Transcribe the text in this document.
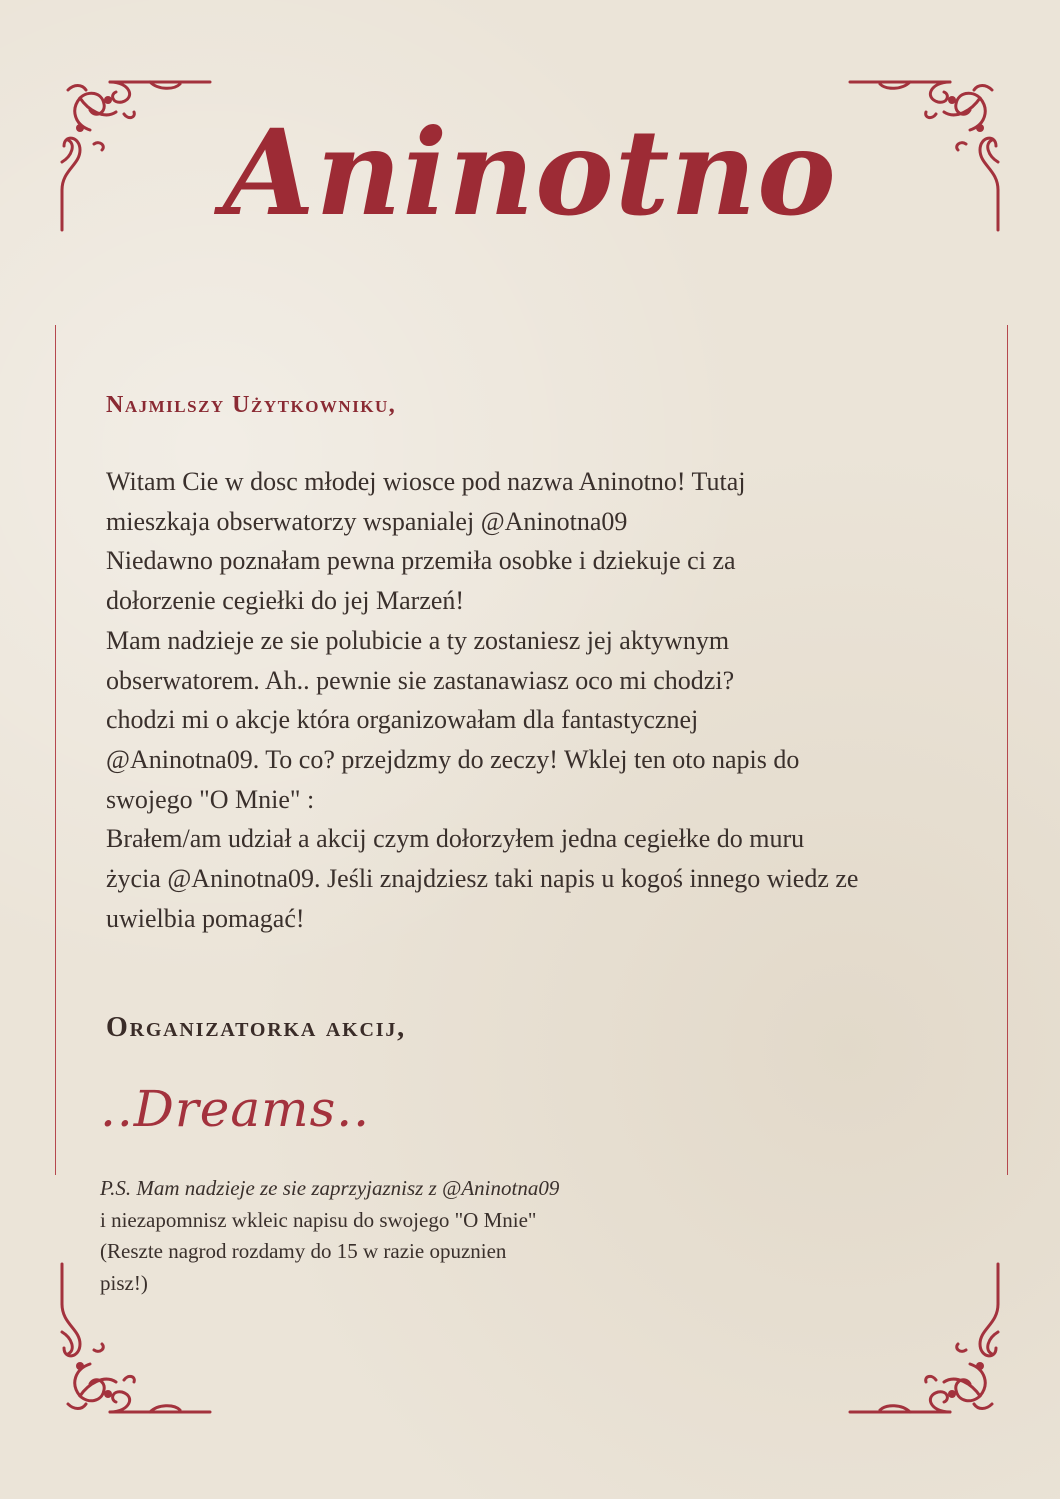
Aninotno
Najmilszy Użytkowniku,

Witam Cie w dosc młodej wiosce pod nazwa Aninotno! Tutaj

mieszkaja obserwatorzy wspanialej @Aninotna09

Niedawno poznałam pewna przemiła osobke i dziekuje ci za

dołorzenie cegiełki do jej Marzeń!

Mam nadzieje ze sie polubicie a ty zostaniesz jej aktywnym

obserwatorem. Ah.. pewnie sie zastanawiasz oco mi chodzi?

chodzi mi o akcje która organizowałam dla fantastycznej

@Aninotna09. To co? przejdzmy do zeczy! Wklej ten oto napis do

swojego "O Mnie" :

Brałem/am udział a akcij czym dołorzyłem jedna cegiełke do muru

życia @Aninotna09. Jeśli znajdziesz taki napis u kogoś innego wiedz ze

uwielbia pomagać!

Organizatorka akcij,
..Dreams..

P.S. Mam nadzieje ze sie zaprzyjaznisz z @Aninotna09

i niezapomnisz wkleic napisu do swojego "O Mnie"

(Reszte nagrod rozdamy do 15 w razie opuznien

pisz!)
